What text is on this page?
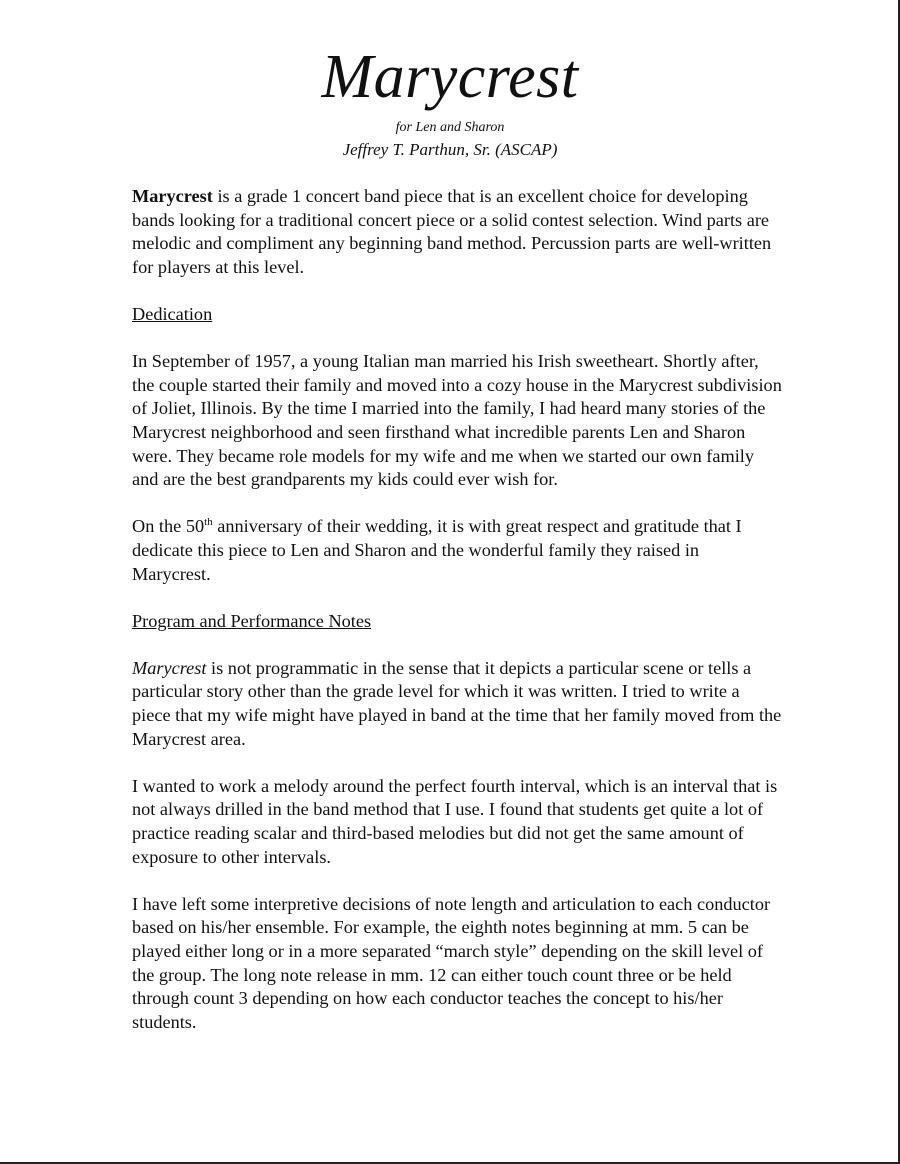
Marycrest
for Len and Sharon
Jeffrey T. Parthun, Sr. (ASCAP)

Marycrest is a grade 1 concert band piece that is an excellent choice for developing bands looking for a traditional concert piece or a solid contest selection. Wind parts are melodic and compliment any beginning band method. Percussion parts are well-written for players at this level.

Dedication

In September of 1957, a young Italian man married his Irish sweetheart. Shortly after, the couple started their family and moved into a cozy house in the Marycrest subdivision of Joliet, Illinois. By the time I married into the family, I had heard many stories of the Marycrest neighborhood and seen firsthand what incredible parents Len and Sharon were. They became role models for my wife and me when we started our own family and are the best grandparents my kids could ever wish for.

On the 50th anniversary of their wedding, it is with great respect and gratitude that I dedicate this piece to Len and Sharon and the wonderful family they raised in Marycrest.

Program and Performance Notes

Marycrest is not programmatic in the sense that it depicts a particular scene or tells a particular story other than the grade level for which it was written. I tried to write a piece that my wife might have played in band at the time that her family moved from the Marycrest area.

I wanted to work a melody around the perfect fourth interval, which is an interval that is not always drilled in the band method that I use. I found that students get quite a lot of practice reading scalar and third-based melodies but did not get the same amount of exposure to other intervals.

I have left some interpretive decisions of note length and articulation to each conductor based on his/her ensemble. For example, the eighth notes beginning at mm. 5 can be played either long or in a more separated “march style” depending on the skill level of the group. The long note release in mm. 12 can either touch count three or be held through count 3 depending on how each conductor teaches the concept to his/her students.
